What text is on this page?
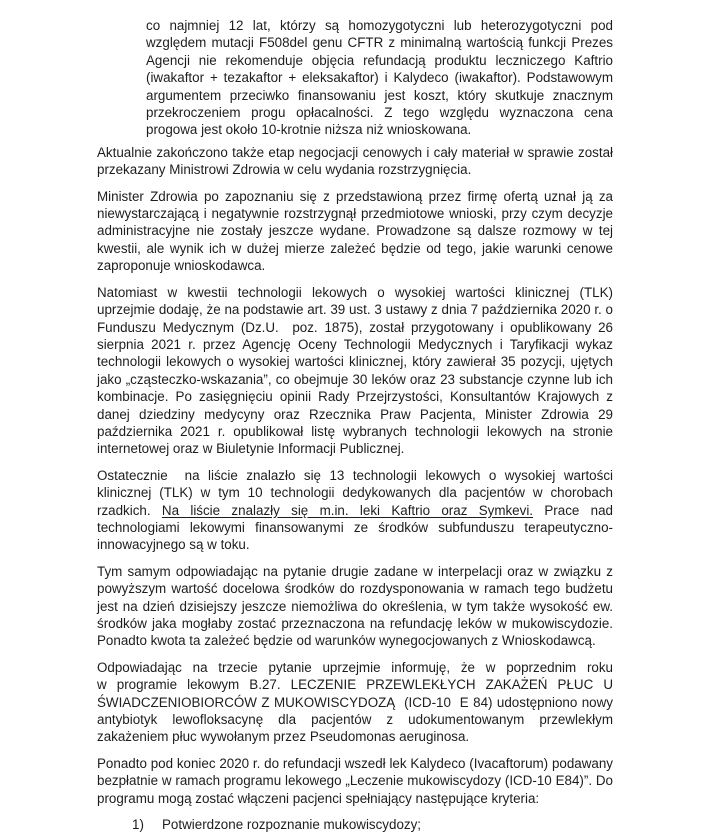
co najmniej 12 lat, którzy są homozygotyczni lub heterozygotyczni pod względem mutacji F508del genu CFTR z minimalną wartością funkcji Prezes Agencji nie rekomenduje objęcia refundacją produktu leczniczego Kaftrio (iwakaftor + tezakaftor + eleksakaftor) i Kalydeco (iwakaftor). Podstawowym argumentem przeciwko finansowaniu jest koszt, który skutkuje znacznym przekroczeniem progu opłacalności. Z tego względu wyznaczona cena progowa jest około 10-krotnie niższa niż wnioskowana.

Aktualnie zakończono także etap negocjacji cenowych i cały materiał w sprawie został przekazany Ministrowi Zdrowia w celu wydania rozstrzygnięcia.

Minister Zdrowia po zapoznaniu się z przedstawioną przez firmę ofertą uznał ją za niewystarczającą i negatywnie rozstrzygnął przedmiotowe wnioski, przy czym decyzje administracyjne nie zostały jeszcze wydane. Prowadzone są dalsze rozmowy w tej kwestii, ale wynik ich w dużej mierze zależeć będzie od tego, jakie warunki cenowe zaproponuje wnioskodawca.

Natomiast w kwestii technologii lekowych o wysokiej wartości klinicznej (TLK) uprzejmie dodaję, że na podstawie art. 39 ust. 3 ustawy z dnia 7 października 2020 r. o Funduszu Medycznym (Dz.U.  poz. 1875), został przygotowany i opublikowany 26 sierpnia 2021 r. przez Agencję Oceny Technologii Medycznych i Taryfikacji wykaz technologii lekowych o wysokiej wartości klinicznej, który zawierał 35 pozycji, ujętych jako „cząsteczko-wskazania”, co obejmuje 30 leków oraz 23 substancje czynne lub ich kombinacje. Po zasięgnięciu opinii Rady Przejrzystości, Konsultantów Krajowych z danej dziedziny medycyny oraz Rzecznika Praw Pacjenta, Minister Zdrowia 29 października 2021 r. opublikował listę wybranych technologii lekowych na stronie internetowej oraz w Biuletynie Informacji Publicznej.

Ostatecznie  na liście znalazło się 13 technologii lekowych o wysokiej wartości klinicznej (TLK) w tym 10 technologii dedykowanych dla pacjentów w chorobach rzadkich. Na liście znalazły się m.in. leki Kaftrio oraz Symkevi. Prace nad technologiami lekowymi finansowanymi ze środków subfunduszu terapeutyczno-innowacyjnego są w toku.

Tym samym odpowiadając na pytanie drugie zadane w interpelacji oraz w związku z powyższym wartość docelowa środków do rozdysponowania w ramach tego budżetu jest na dzień dzisiejszy jeszcze niemożliwa do określenia, w tym także wysokość ew. środków jaka mogłaby zostać przeznaczona na refundację leków w mukowiscydozie. Ponadto kwota ta zależeć będzie od warunków wynegocjowanych z Wnioskodawcą.

Odpowiadając na trzecie pytanie uprzejmie informuję, że w poprzednim roku w programie lekowym B.27. LECZENIE PRZEWLEKŁYCH ZAKAŻEŃ PŁUC U ŚWIADCZENIOBIORCÓW Z MUKOWISCYDOZĄ  (ICD-10  E 84) udostępniono nowy antybiotyk lewofloksacynę dla pacjentów z udokumentowanym przewlekłym zakażeniem płuc wywołanym przez Pseudomonas aeruginosa.

Ponadto pod koniec 2020 r. do refundacji wszedł lek Kalydeco (Ivacaftorum) podawany bezpłatnie w ramach programu lekowego „Leczenie mukowiscydozy (ICD-10 E84)”. Do programu mogą zostać włączeni pacjenci spełniający następujące kryteria:

1)	Potwierdzone rozpoznanie mukowiscydozy;
